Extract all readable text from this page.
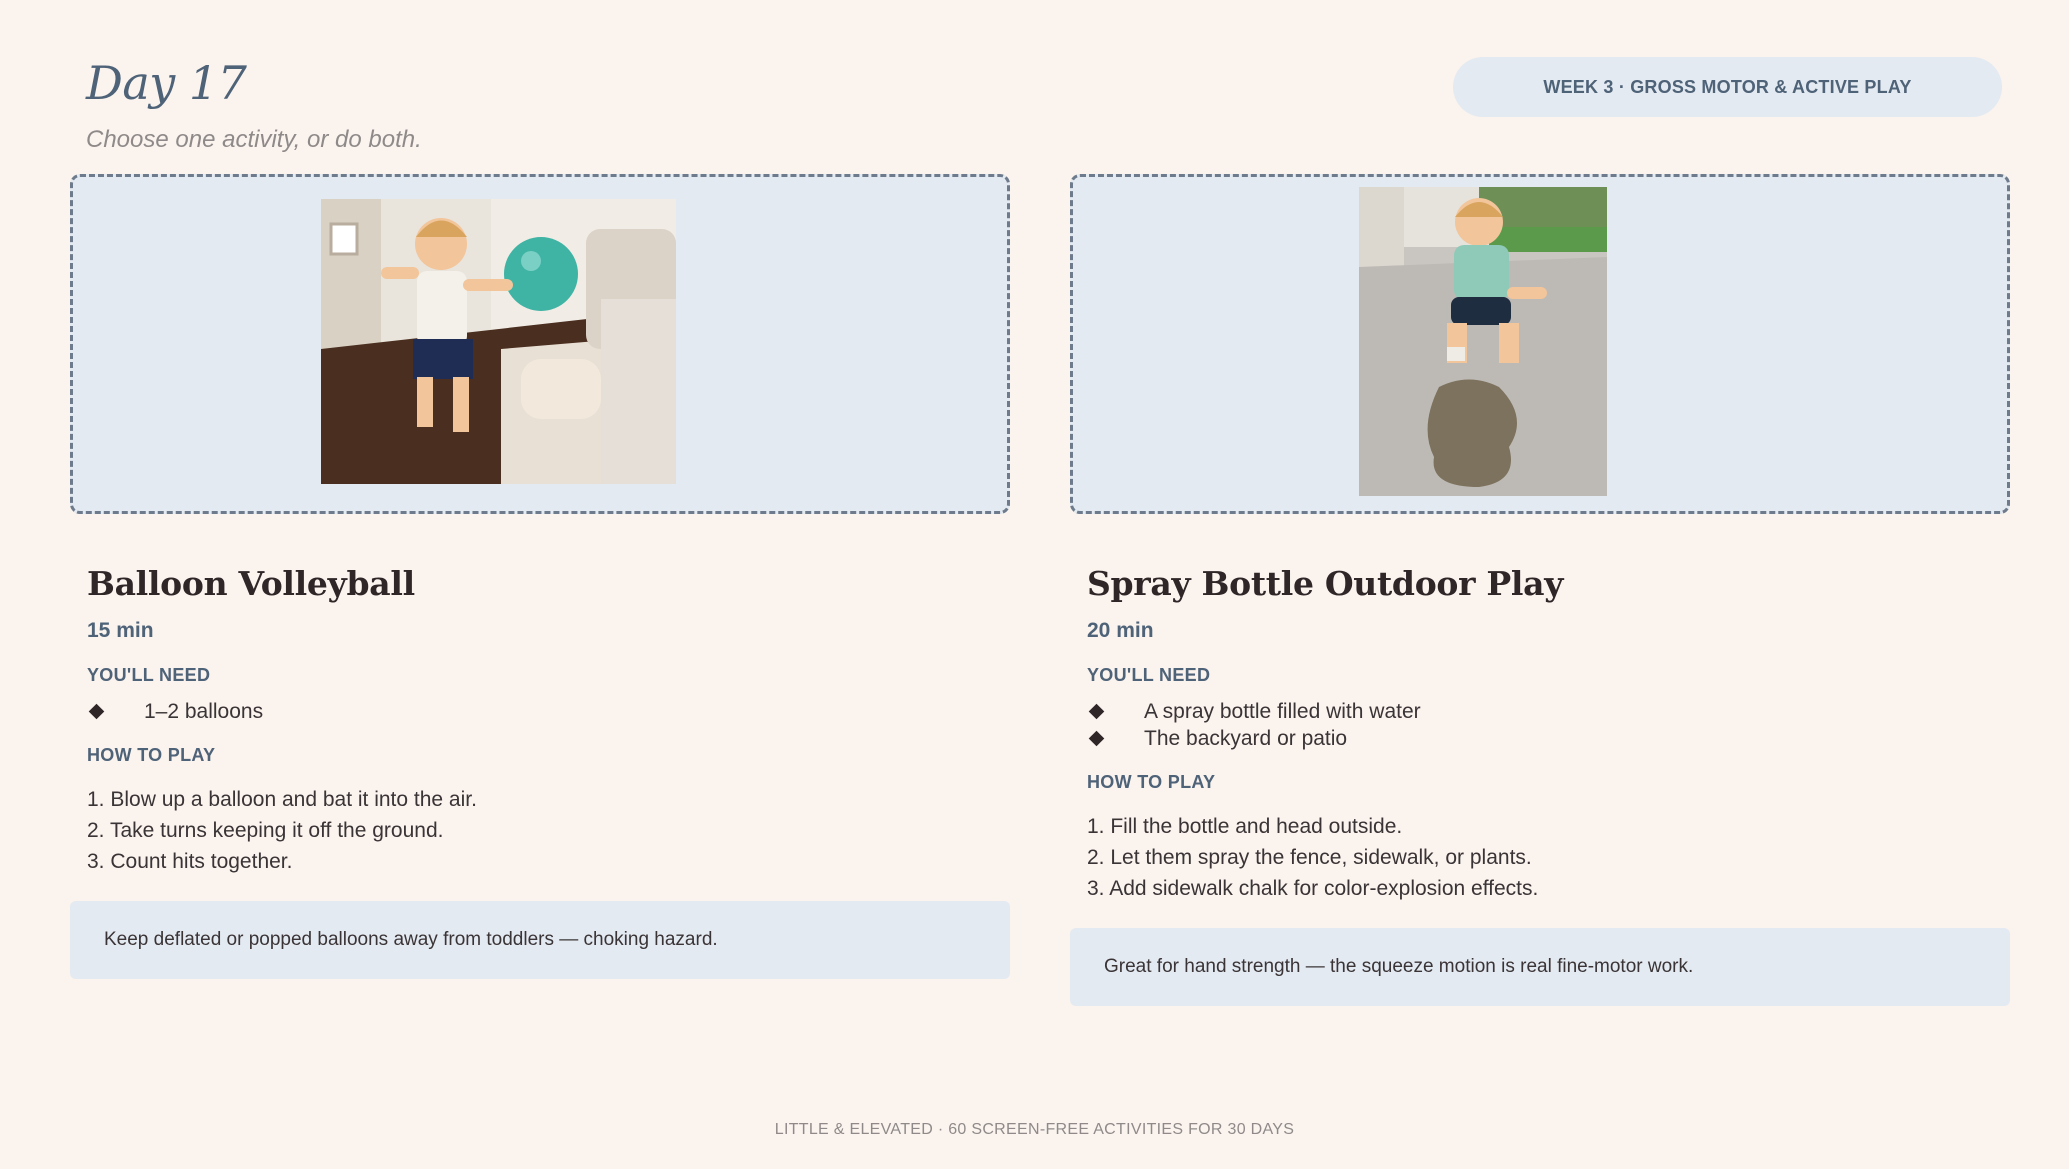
Day 17
Choose one activity, or do both.
WEEK 3 · GROSS MOTOR & ACTIVE PLAY
Balloon Volleyball
15 min
YOU'LL NEED
1–2 balloons
HOW TO PLAY
1. Blow up a balloon and bat it into the air.
2. Take turns keeping it off the ground.
3. Count hits together.
Keep deflated or popped balloons away from toddlers — choking hazard.
Spray Bottle Outdoor Play
20 min
YOU'LL NEED
A spray bottle filled with water
The backyard or patio
HOW TO PLAY
1. Fill the bottle and head outside.
2. Let them spray the fence, sidewalk, or plants.
3. Add sidewalk chalk for color-explosion effects.
Great for hand strength — the squeeze motion is real fine-motor work.
LITTLE & ELEVATED · 60 SCREEN-FREE ACTIVITIES FOR 30 DAYS
